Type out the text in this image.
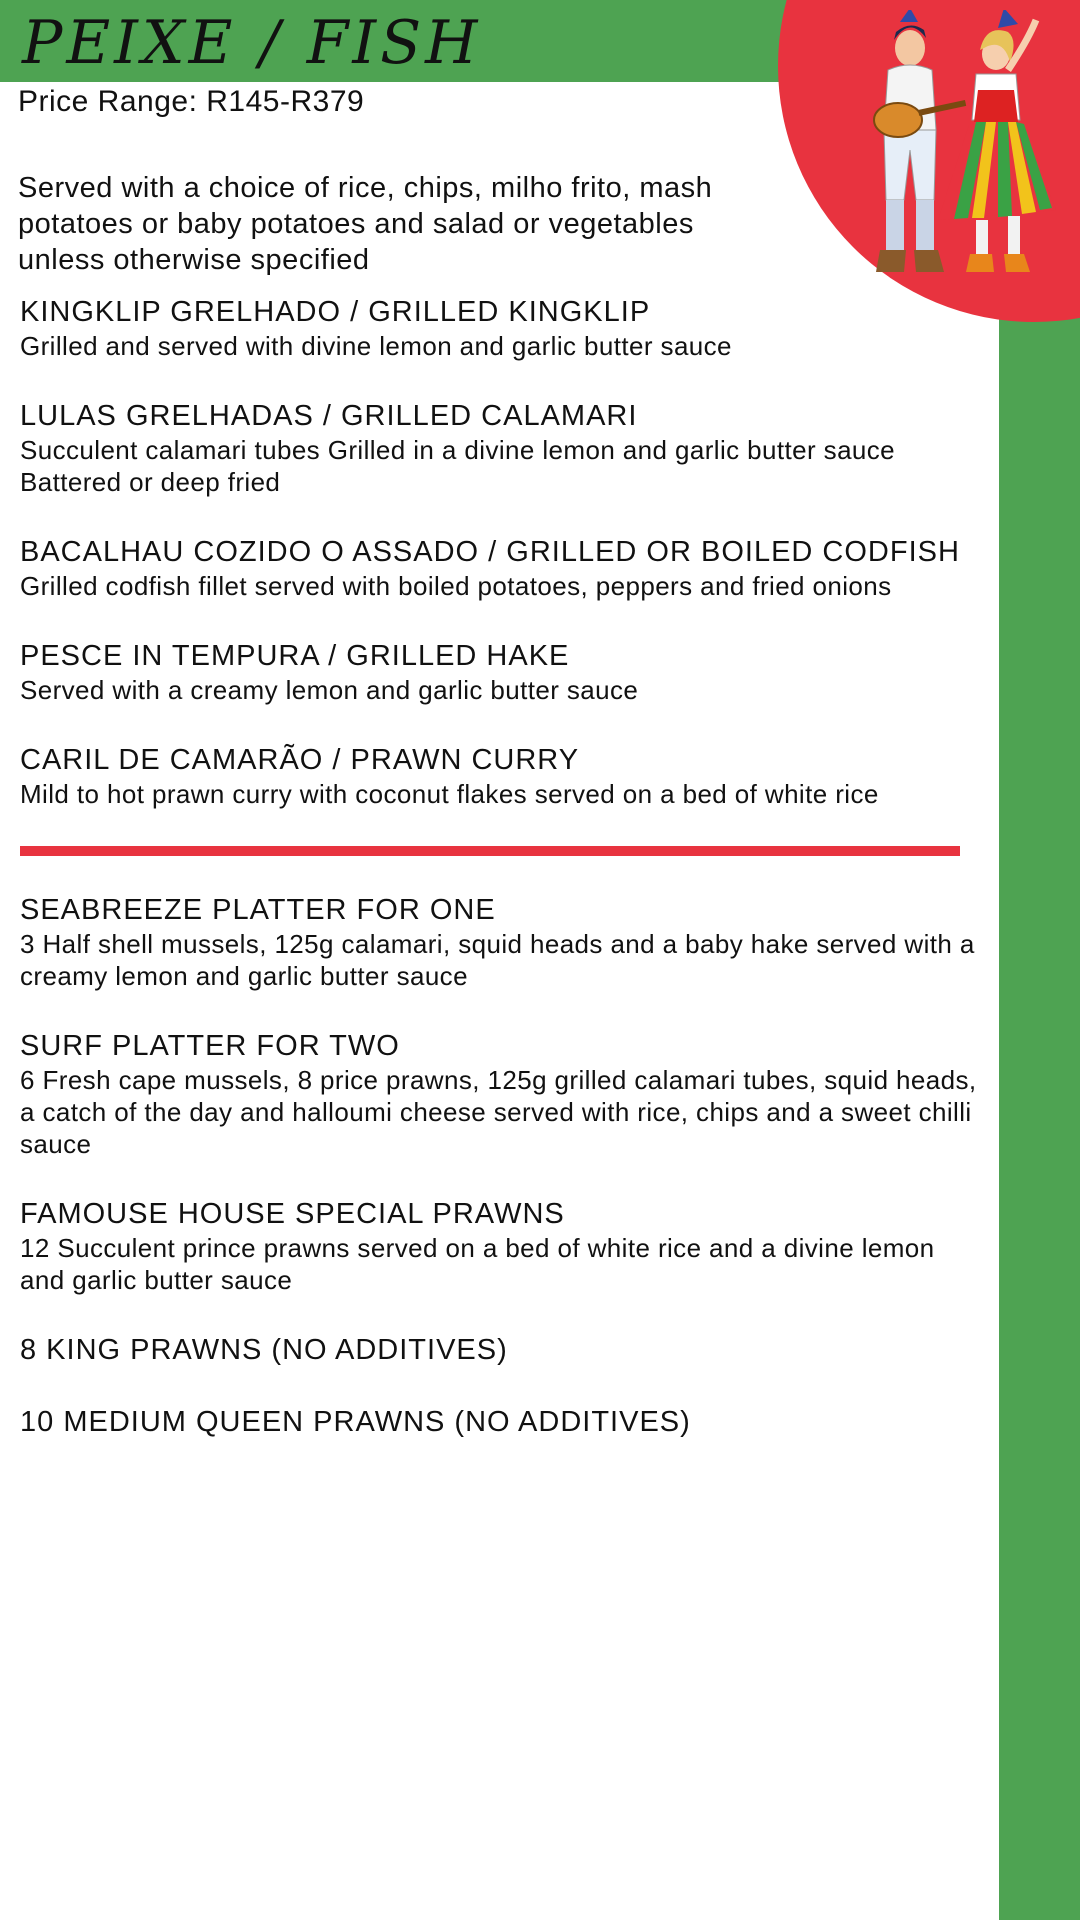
PEIXE / FISH
Price Range: R145-R379
Served with a choice of rice, chips, milho frito, mash potatoes or baby potatoes and salad or vegetables unless otherwise specified
KINGKLIP GRELHADO / GRILLED KINGKLIP
Grilled and served with divine lemon and garlic butter sauce
LULAS GRELHADAS / GRILLED CALAMARI
Succulent calamari tubes Grilled in a divine lemon and garlic butter sauce
Battered or deep fried
BACALHAU COZIDO O ASSADO / GRILLED OR BOILED CODFISH
Grilled codfish fillet served with boiled potatoes, peppers and fried onions
PESCE IN TEMPURA / GRILLED HAKE
Served with a creamy lemon and garlic butter sauce
CARIL DE CAMARÃO / PRAWN CURRY
Mild to hot prawn curry with coconut flakes served on a bed of white rice
SEABREEZE PLATTER FOR ONE
3 Half shell mussels, 125g calamari, squid heads and a baby hake served with a creamy lemon and garlic butter sauce
SURF PLATTER FOR TWO
6 Fresh cape mussels, 8 price prawns, 125g grilled calamari tubes, squid heads, a catch of the day and halloumi cheese served with rice, chips and a sweet chilli sauce
FAMOUSE HOUSE SPECIAL PRAWNS
12 Succulent prince prawns served on a bed of white rice and a divine lemon and garlic butter sauce
8 KING PRAWNS (NO ADDITIVES)
10 MEDIUM QUEEN PRAWNS (NO ADDITIVES)
